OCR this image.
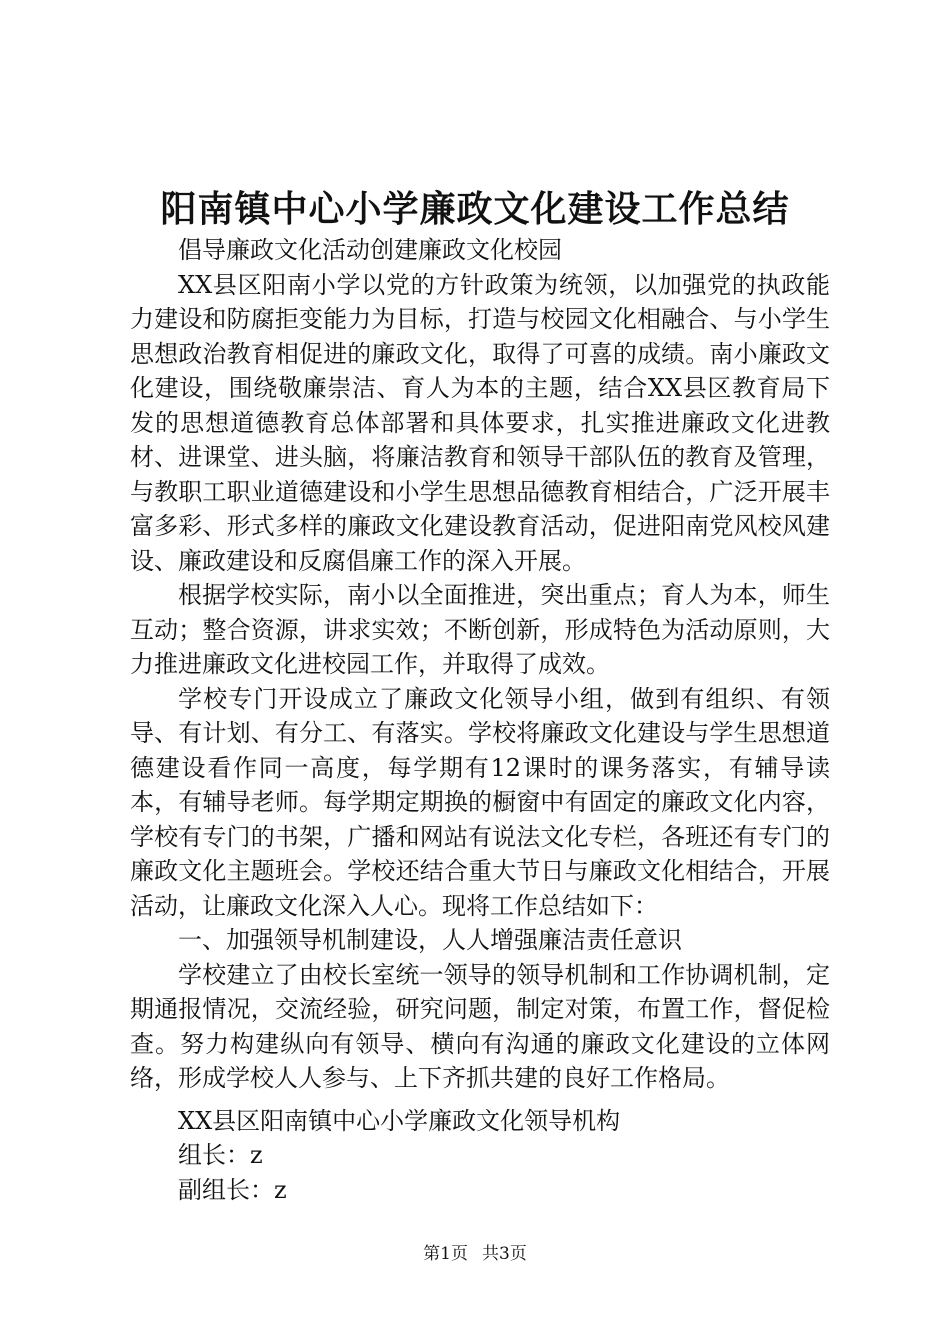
阳南镇中心小学廉政文化建设工作总结

倡导廉政文化活动创建廉政文化校园

XX县区阳南小学以党的方针政策为统领，以加强党的执政能力建设和防腐拒变能力为目标，打造与校园文化相融合、与小学生思想政治教育相促进的廉政文化，取得了可喜的成绩。南小廉政文化建设，围绕敬廉崇洁、育人为本的主题，结合XX县区教育局下发的思想道德教育总体部署和具体要求，扎实推进廉政文化进教材、进课堂、进头脑，将廉洁教育和领导干部队伍的教育及管理，与教职工职业道德建设和小学生思想品德教育相结合，广泛开展丰富多彩、形式多样的廉政文化建设教育活动，促进阳南党风校风建设、廉政建设和反腐倡廉工作的深入开展。

根据学校实际，南小以全面推进，突出重点；育人为本，师生互动；整合资源，讲求实效；不断创新，形成特色为活动原则，大力推进廉政文化进校园工作，并取得了成效。

学校专门开设成立了廉政文化领导小组，做到有组织、有领导、有计划、有分工、有落实。学校将廉政文化建设与学生思想道德建设看作同一高度，每学期有12课时的课务落实，有辅导读本，有辅导老师。每学期定期换的橱窗中有固定的廉政文化内容，学校有专门的书架，广播和网站有说法文化专栏，各班还有专门的廉政文化主题班会。学校还结合重大节日与廉政文化相结合，开展活动，让廉政文化深入人心。现将工作总结如下：

一、加强领导机制建设，人人增强廉洁责任意识

学校建立了由校长室统一领导的领导机制和工作协调机制，定期通报情况，交流经验，研究问题，制定对策，布置工作，督促检查。努力构建纵向有领导、横向有沟通的廉政文化建设的立体网络，形成学校人人参与、上下齐抓共建的良好工作格局。

XX县区阳南镇中心小学廉政文化领导机构

组长：z

副组长：z

第1页 共3页
